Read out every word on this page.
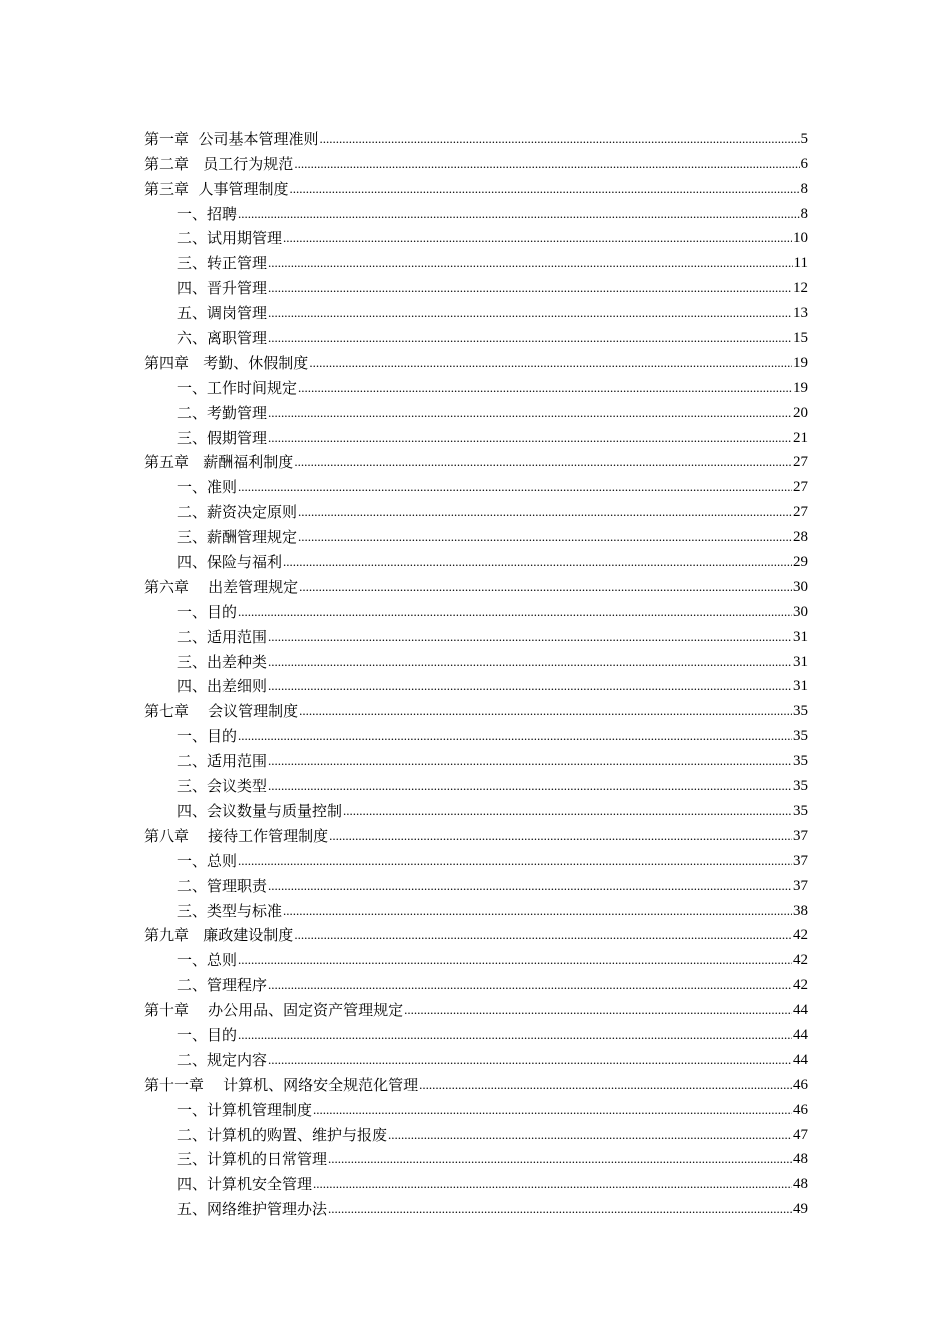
第一章  公司基本管理准则 .....	5
第二章   员工行为规范 .....	6
第三章  人事管理制度 .....	8
一、招聘 .....	8
二、试用期管理 .....	10
三、转正管理 .....	11
四、晋升管理 .....	12
五、调岗管理 .....	13
六、离职管理 .....	15
第四章   考勤、休假制度 .....	19
一、工作时间规定 .....	19
二、考勤管理 .....	20
三、假期管理 .....	21
第五章   薪酬福利制度 .....	27
一、准则 .....	27
二、薪资决定原则 .....	27
三、薪酬管理规定 .....	28
四、保险与福利 .....	29
第六章    出差管理规定 .....	30
一、目的 .....	30
二、适用范围 .....	31
三、出差种类 .....	31
四、出差细则 .....	31
第七章    会议管理制度 .....	35
一、目的 .....	35
二、适用范围 .....	35
三、会议类型 .....	35
四、会议数量与质量控制 .....	35
第八章    接待工作管理制度 .....	37
一、总则 .....	37
二、管理职责 .....	37
三、类型与标准 .....	38
第九章   廉政建设制度 .....	42
一、总则 .....	42
二、管理程序 .....	42
第十章    办公用品、固定资产管理规定 .....	44
一、目的 .....	44
二、规定内容 .....	44
第十一章    计算机、网络安全规范化管理 .....	46
一、计算机管理制度 .....	46
二、计算机的购置、维护与报废 .....	47
三、计算机的日常管理 .....	48
四、计算机安全管理 .....	48
五、网络维护管理办法 .....	49
